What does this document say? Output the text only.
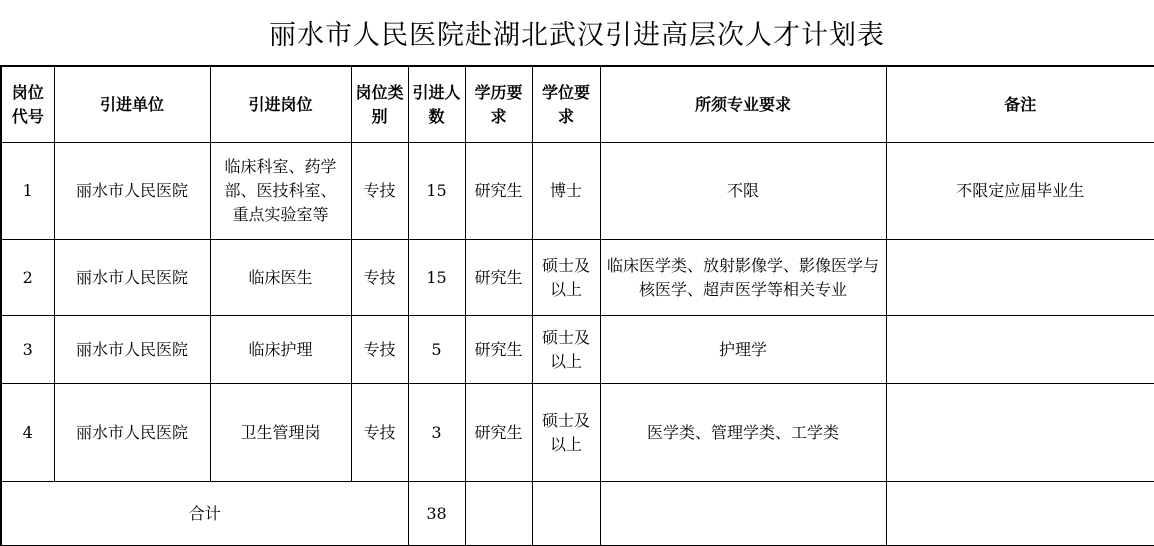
丽水市人民医院赴湖北武汉引进高层次人才计划表
岗位代号	引进单位	引进岗位	岗位类别	引进人数	学历要求	学位要求	所须专业要求	备注
1	丽水市人民医院	临床科室、药学部、医技科室、重点实验室等	专技	15	研究生	博士	不限	不限定应届毕业生
2	丽水市人民医院	临床医生	专技	15	研究生	硕士及以上	临床医学类、放射影像学、影像医学与核医学、超声医学等相关专业	
3	丽水市人民医院	临床护理	专技	5	研究生	硕士及以上	护理学	
4	丽水市人民医院	卫生管理岗	专技	3	研究生	硕士及以上	医学类、管理学类、工学类	
合计				38				
